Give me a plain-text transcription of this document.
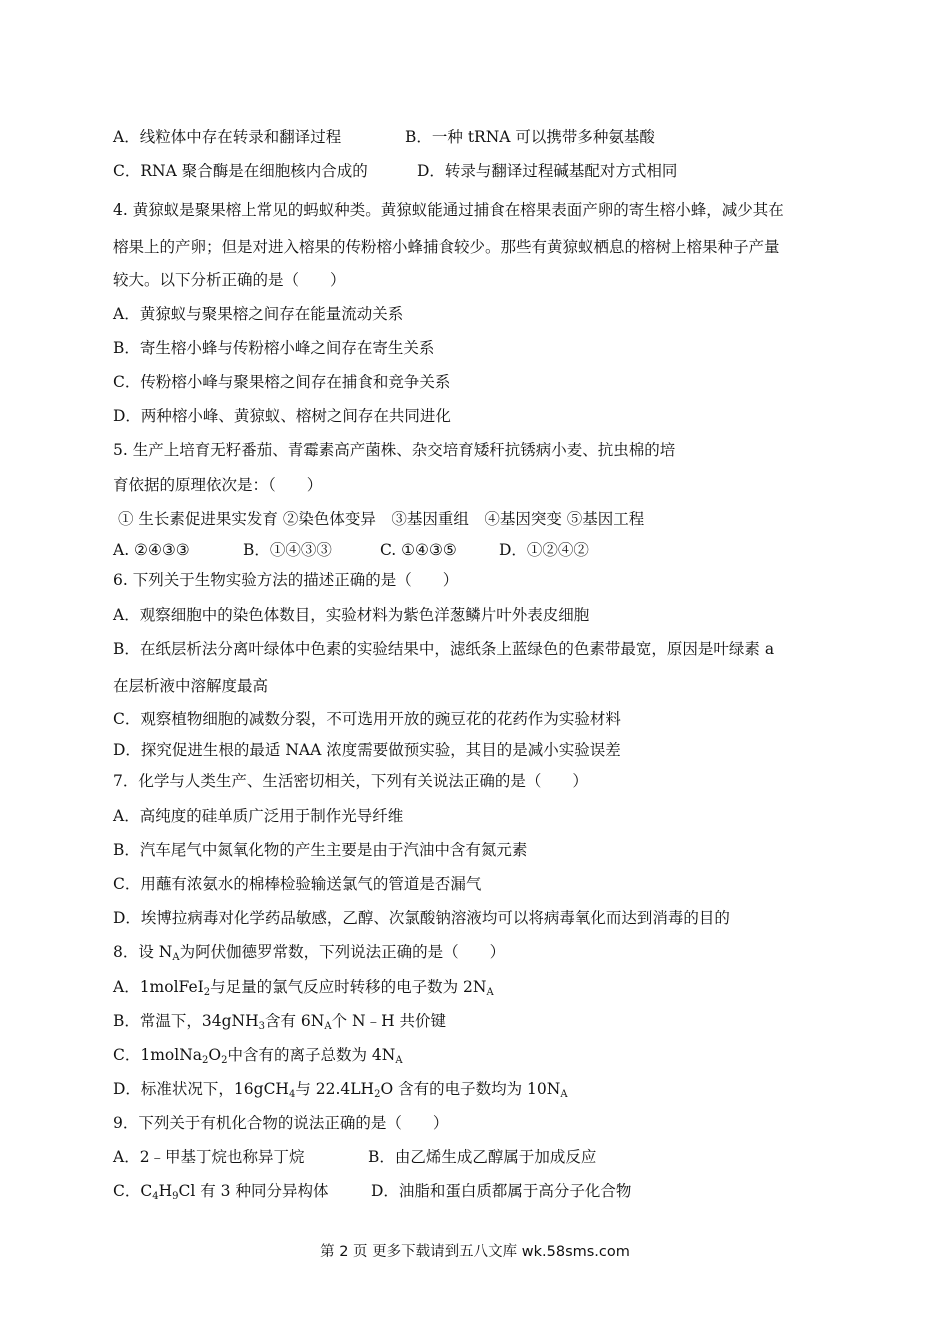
A．线粒体中存在转录和翻译过程	B．一种 tRNA 可以携带多种氨基酸
C．RNA 聚合酶是在细胞核内合成的	D．转录与翻译过程碱基配对方式相同
4. 黄猄蚁是聚果榕上常见的蚂蚁种类。黄猄蚁能通过捕食在榕果表面产卵的寄生榕小蜂，减少其在
榕果上的产卵；但是对进入榕果的传粉榕小蜂捕食较少。那些有黄猄蚁栖息的榕树上榕果种子产量
较大。以下分析正确的是（　　）
A．黄猄蚁与聚果榕之间存在能量流动关系
B．寄生榕小蜂与传粉榕小峰之间存在寄生关系
C．传粉榕小峰与聚果榕之间存在捕食和竞争关系
D．两种榕小峰、黄猄蚁、榕树之间存在共同进化
5. 生产上培育无籽番茄、青霉素高产菌株、杂交培育矮秆抗锈病小麦、抗虫棉的培
育依据的原理依次是：（　　）
① 生长素促进果实发育 ②染色体变异　③基因重组　④基因突变 ⑤基因工程
A. ②④③③	B．①④③③	C. ①④③⑤	D．①②④②
6. 下列关于生物实验方法的描述正确的是（　　）
A．观察细胞中的染色体数目，实验材料为紫色洋葱鳞片叶外表皮细胞
B．在纸层析法分离叶绿体中色素的实验结果中，滤纸条上蓝绿色的色素带最宽，原因是叶绿素 a
在层析液中溶解度最高
C．观察植物细胞的减数分裂，不可选用开放的豌豆花的花药作为实验材料
D．探究促进生根的最适 NAA 浓度需要做预实验，其目的是减小实验误差
7．化学与人类生产、生活密切相关，下列有关说法正确的是（　　）
A．高纯度的硅单质广泛用于制作光导纤维
B．汽车尾气中氮氧化物的产生主要是由于汽油中含有氮元素
C．用蘸有浓氨水的棉棒检验输送氯气的管道是否漏气
D．埃博拉病毒对化学药品敏感，乙醇、次氯酸钠溶液均可以将病毒氧化而达到消毒的目的
8．设 $N_A$为阿伏伽德罗常数，下列说法正确的是（　　）
A．1molFeI$_2$与足量的氯气反应时转移的电子数为 $2N_A$
B．常温下，34gNH$_3$含有 $6N_A$个 N﹣H 共价键
C．$1molNa_2O_2$中含有的离子总数为 $4N_A$
D．标准状况下，16gCH$_4$与 $22.4LH_2O$ 含有的电子数均为 $10N_A$
9．下列关于有机化合物的说法正确的是（　　）
A．2﹣甲基丁烷也称异丁烷	B．由乙烯生成乙醇属于加成反应
C．$C_4H_9Cl$ 有 3 种同分异构体	D．油脂和蛋白质都属于高分子化合物
第 2 页 更多下载请到五八文库 wk.58sms.com
